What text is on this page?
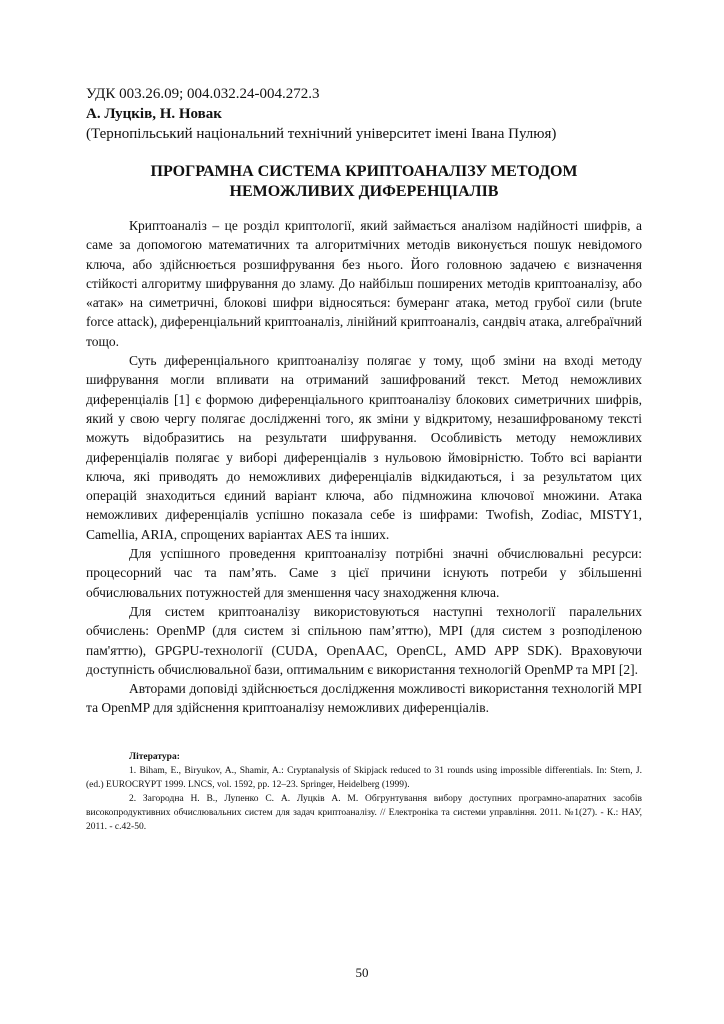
УДК 003.26.09; 004.032.24-004.272.3
А. Луцків, Н. Новак
(Тернопільський національний технічний університет імені Івана Пулюя)
ПРОГРАМНА СИСТЕМА КРИПТОАНАЛІЗУ МЕТОДОМ
НЕМОЖЛИВИХ ДИФЕРЕНЦІАЛІВ

Криптоаналіз – це розділ криптології, який займається аналізом надійності шифрів, а саме за допомогою математичних та алгоритмічних методів виконується пошук невідомого ключа, або здійснюється розшифрування без нього. Його головною задачею є визначення стійкості алгоритму шифрування до зламу. До найбільш поширених методів криптоаналізу, або «атак» на симетричні, блокові шифри відносяться: бумеранг атака, метод грубої сили (brute force attack), диференціальний криптоаналіз, лінійний криптоаналіз, сандвіч атака, алгебраїчний тощо.

Суть диференціального криптоаналізу полягає у тому, щоб зміни на вході методу шифрування могли впливати на отриманий зашифрований текст. Метод неможливих диференціалів [1] є формою диференціального криптоаналізу блокових симетричних шифрів, який у свою чергу полягає дослідженні того, як зміни у відкритому, незашифрованому тексті можуть відобразитись на результати шифрування. Особливість методу неможливих диференціалів полягає у виборі диференціалів з нульовою ймовірністю. Тобто всі варіанти ключа, які приводять до неможливих диференціалів відкидаються, і за результатом цих операцій знаходиться єдиний варіант ключа, або підмножина ключової множини. Атака неможливих диференціалів успішно показала себе із шифрами: Twofish, Zodiac, MISTY1, Camellia, ARIA, спрощених варіантах AES та інших.

Для успішного проведення криптоаналізу потрібні значні обчислювальні ресурси: процесорний час та пам’ять. Саме з цієї причини існують потреби у збільшенні обчислювальних потужностей для зменшення часу знаходження ключа.

Для систем криптоаналізу використовуються наступні технології паралельних обчислень: OpenMP (для систем зі спільною пам’яттю), MPI (для систем з розподіленою пам'яттю), GPGPU-технології (CUDA, OpenAAC, OpenCL, AMD APP SDK). Враховуючи доступність обчислювальної бази, оптимальним є використання технологій OpenMP та MPI [2].

Авторами доповіді здійснюється дослідження можливості використання технологій MPI та OpenMP для здійснення криптоаналізу неможливих диференціалів.

Література:

1. Biham, E., Biryukov, A., Shamir, A.: Cryptanalysis of Skipjack reduced to 31 rounds using impossible differentials. In: Stern, J. (ed.) EUROCRYPT 1999. LNCS, vol. 1592, pp. 12–23. Springer, Heidelberg (1999).

2. Загородна Н. В., Лупенко С. А. Луцків А. М. Обгрунтування вибору доступних програмно-апаратних засобів високопродуктивних обчислювальних систем для задач криптоаналізу. // Електроніка та системи управління. 2011. №1(27). - К.: НАУ, 2011. - с.42-50.

50
